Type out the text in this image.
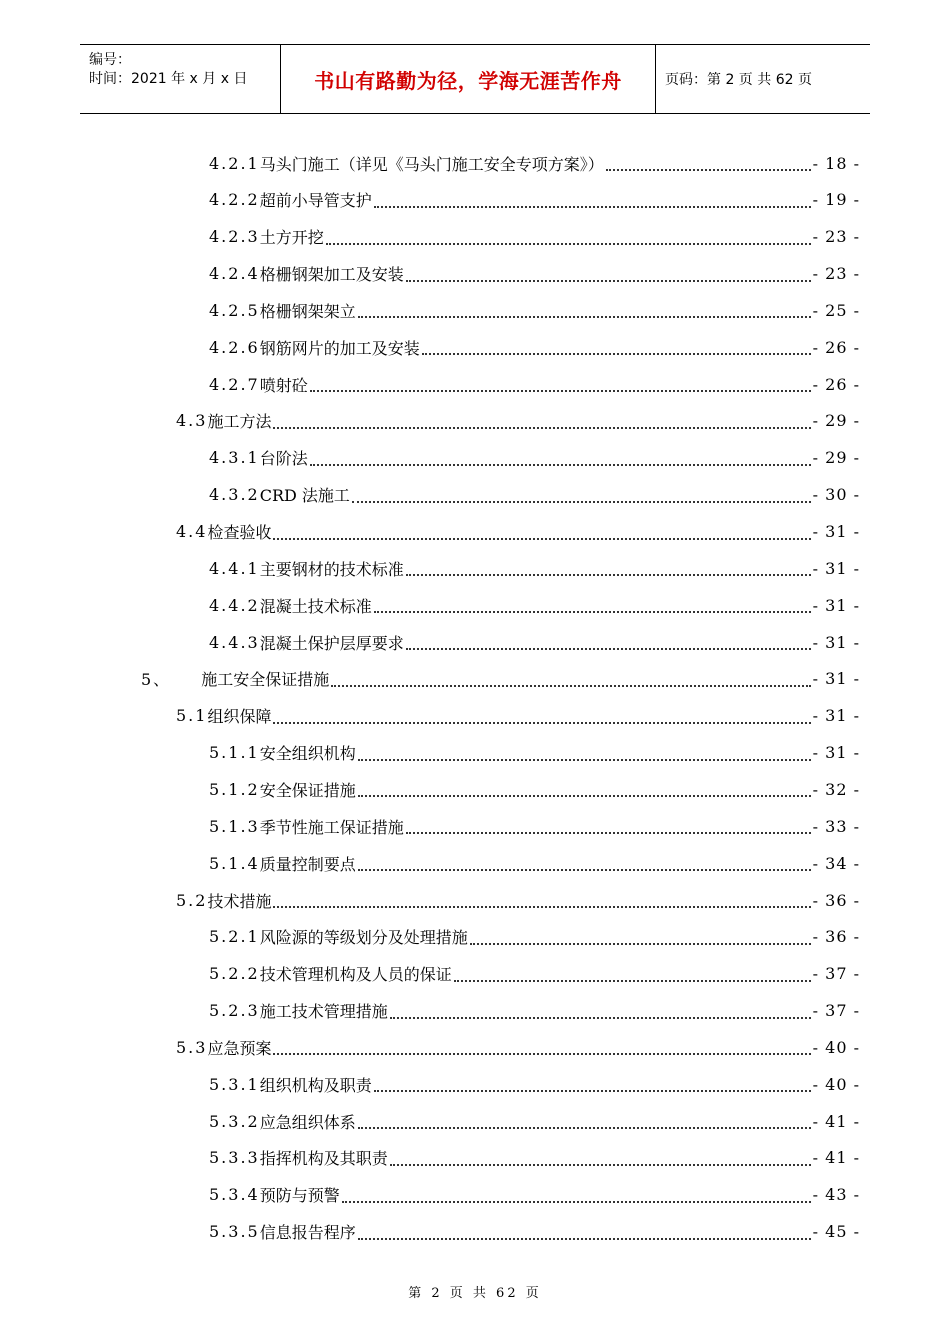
编号：
时间：2021 年 x 月 x 日	书山有路勤为径，学海无涯苦作舟	页码：第 2 页 共 62 页
4.2.1 马头门施工（详见《马头门施工安全专项方案》）	- 18 -
4.2.2 超前小导管支护	- 19 -
4.2.3 土方开挖	- 23 -
4.2.4 格栅钢架加工及安装	- 23 -
4.2.5 格栅钢架架立	- 25 -
4.2.6 钢筋网片的加工及安装	- 26 -
4.2.7 喷射砼	- 26 -
4.3 施工方法	- 29 -
4.3.1 台阶法	- 29 -
4.3.2 CRD 法施工	- 30 -
4.4 检查验收	- 31 -
4.4.1 主要钢材的技术标准	- 31 -
4.4.2 混凝土技术标准	- 31 -
4.4.3 混凝土保护层厚要求	- 31 -
5、 施工安全保证措施	- 31 -
5.1 组织保障	- 31 -
5.1.1 安全组织机构	- 31 -
5.1.2 安全保证措施	- 32 -
5.1.3 季节性施工保证措施	- 33 -
5.1.4 质量控制要点	- 34 -
5.2 技术措施	- 36 -
5.2.1 风险源的等级划分及处理措施	- 36 -
5.2.2 技术管理机构及人员的保证	- 37 -
5.2.3 施工技术管理措施	- 37 -
5.3 应急预案	- 40 -
5.3.1 组织机构及职责	- 40 -
5.3.2 应急组织体系	- 41 -
5.3.3 指挥机构及其职责	- 41 -
5.3.4 预防与预警	- 43 -
5.3.5 信息报告程序	- 45 -
第 2 页 共 62 页
